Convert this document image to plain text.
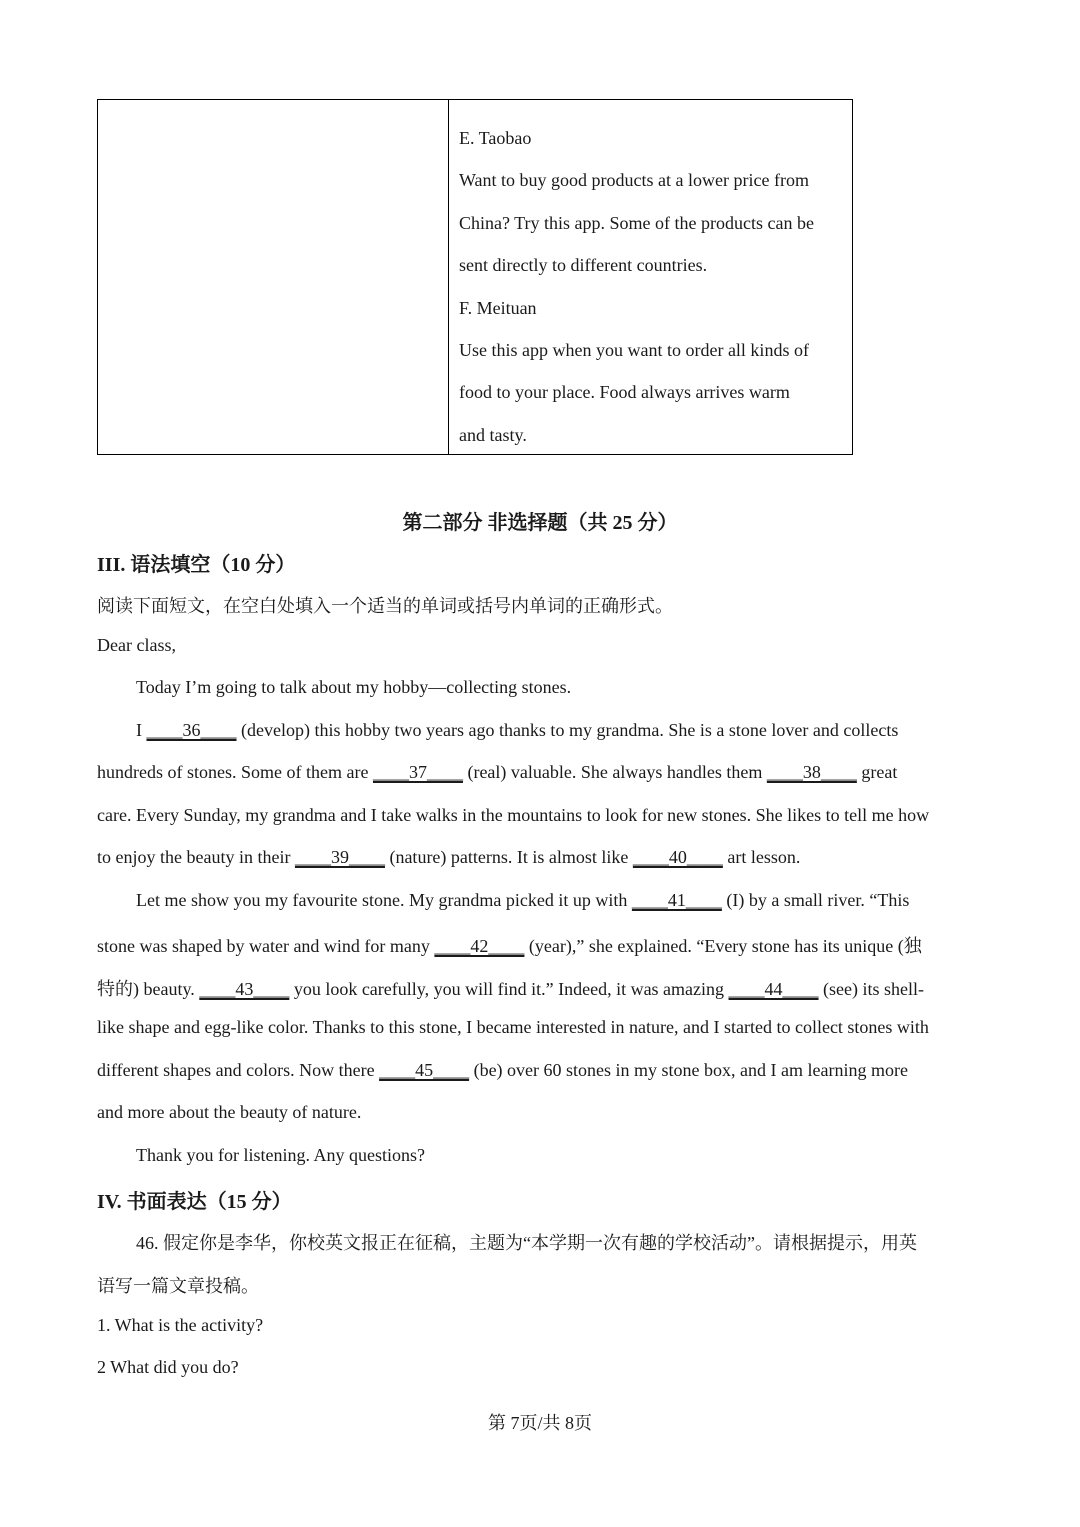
E. Taobao
Want to buy good products at a lower price from
China? Try this app. Some of the products can be
sent directly to different countries.
F. Meituan
Use this app when you want to order all kinds of
food to your place. Food always arrives warm
and tasty.
第二部分 非选择题（共 25 分）
III. 语法填空（10 分）
阅读下面短文，在空白处填入一个适当的单词或括号内单词的正确形式。
Dear class,
Today I’m going to talk about my hobby—collecting stones.
I ____36____ (develop) this hobby two years ago thanks to my grandma. She is a stone lover and collects
hundreds of stones. Some of them are ____37____ (real) valuable. She always handles them ____38____ great
care. Every Sunday, my grandma and I take walks in the mountains to look for new stones. She likes to tell me how
to enjoy the beauty in their ____39____ (nature) patterns. It is almost like ____40____ art lesson.
Let me show you my favourite stone. My grandma picked it up with ____41____ (I) by a small river. “This
stone was shaped by water and wind for many ____42____ (year),” she explained. “Every stone has its unique (独
特的) beauty. ____43____ you look carefully, you will find it.” Indeed, it was amazing ____44____ (see) its shell-
like shape and egg-like color. Thanks to this stone, I became interested in nature, and I started to collect stones with
different shapes and colors. Now there ____45____ (be) over 60 stones in my stone box, and I am learning more
and more about the beauty of nature.
Thank you for listening. Any questions?
IV. 书面表达（15 分）
46. 假定你是李华，你校英文报正在征稿，主题为“本学期一次有趣的学校活动”。请根据提示，用英
语写一篇文章投稿。
1. What is the activity?
2 What did you do?
第 7页/共 8页
